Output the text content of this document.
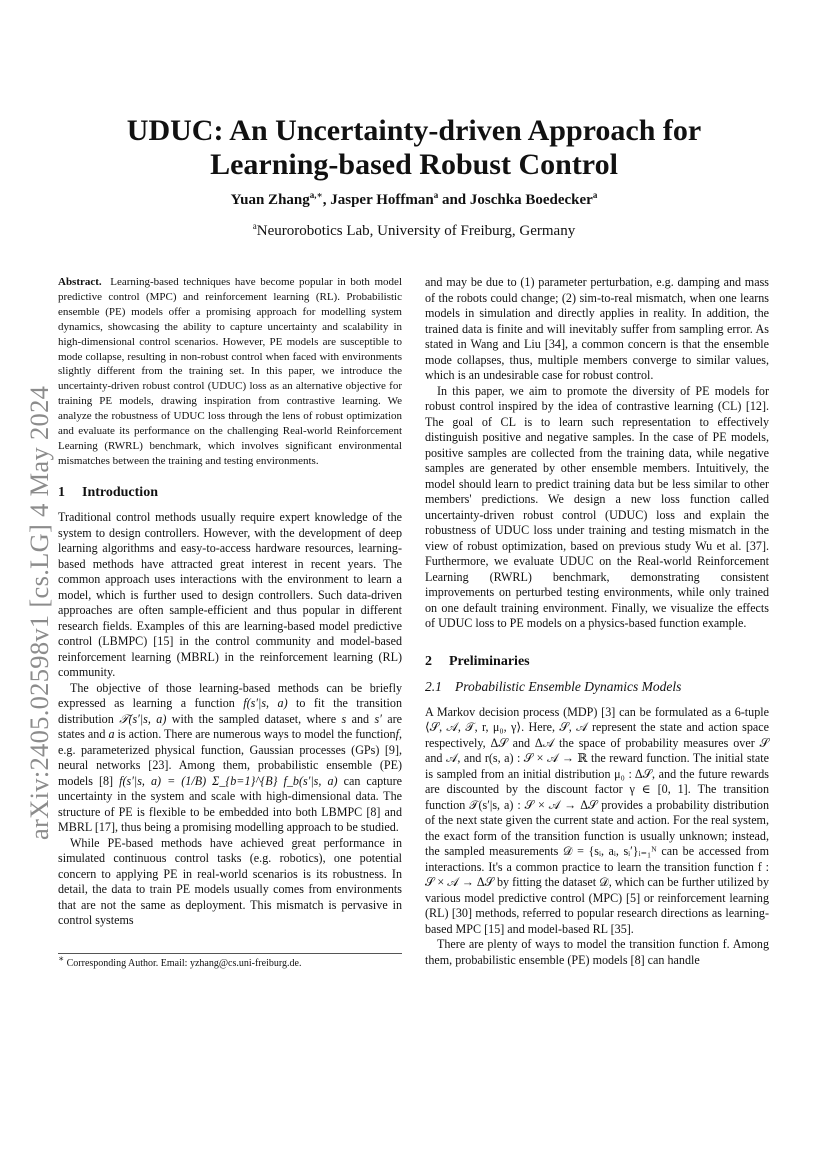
arXiv:2405.02598v1 [cs.LG] 4 May 2024
UDUC: An Uncertainty-driven Approach for
Learning-based Robust Control

Yuan Zhang$^{a,∗}$, Jasper Hoffman$^a$ and Joschka Boedecker$^a$

$^a$Neurorobotics Lab, University of Freiburg, Germany

Abstract. Learning-based techniques have become popular in both model predictive control (MPC) and reinforcement learning (RL). Probabilistic ensemble (PE) models offer a promising approach for modelling system dynamics, showcasing the ability to capture uncertainty and scalability in high-dimensional control scenarios. However, PE models are susceptible to mode collapse, resulting in non-robust control when faced with environments slightly different from the training set. In this paper, we introduce the uncertainty-driven robust control (UDUC) loss as an alternative objective for training PE models, drawing inspiration from contrastive learning. We analyze the robustness of UDUC loss through the lens of robust optimization and evaluate its performance on the challenging Real-world Reinforcement Learning (RWRL) benchmark, which involves significant environmental mismatches between the training and testing environments.

1 Introduction

Traditional control methods usually require expert knowledge of the system to design controllers. However, with the development of deep learning algorithms and easy-to-access hardware resources, learning-based methods have attracted great interest in recent years. The common approach uses interactions with the environment to learn a model, which is further used to design controllers. Such data-driven approaches are often sample-efficient and thus popular in different research fields. Examples of this are learning-based model predictive control (LBMPC) [15] in the control community and model-based reinforcement learning (MBRL) in the reinforcement learning (RL) community.

The objective of those learning-based methods can be briefly expressed as learning a function f(s′|s, a) to fit the transition distribution 𝒯(s′|s, a) with the sampled dataset, where s and s′ are states and a is action. There are numerous ways to model the functionf, e.g. parameterized physical function, Gaussian processes (GPs) [9], neural networks [23]. Among them, probabilistic ensemble (PE) models [8] f(s′|s, a) = (1/B) Σ_{b=1}^{B} f_b(s′|s, a) can capture uncertainty in the system and scale with high-dimensional data. The structure of PE is flexible to be embedded into both LBMPC [8] and MBRL [17], thus being a promising modelling approach to be studied.

While PE-based methods have achieved great performance in simulated continuous control tasks (e.g. robotics), one potential concern to applying PE in real-world scenarios is its robustness. In detail, the data to train PE models usually comes from environments that are not the same as deployment. This mismatch is pervasive in control systems

∗ Corresponding Author. Email: yzhang@cs.uni-freiburg.de.

and may be due to (1) parameter perturbation, e.g. damping and mass of the robots could change; (2) sim-to-real mismatch, when one learns models in simulation and directly applies in reality. In addition, the trained data is finite and will inevitably suffer from sampling error. As stated in Wang and Liu [34], a common concern is that the ensemble mode collapses, thus, multiple members converge to similar values, which is an undesirable case for robust control.

In this paper, we aim to promote the diversity of PE models for robust control inspired by the idea of contrastive learning (CL) [12]. The goal of CL is to learn such representation to effectively distinguish positive and negative samples. In the case of PE models, positive samples are collected from the training data, while negative samples are generated by other ensemble members. Intuitively, the model should learn to predict training data but be less similar to other members' predictions. We design a new loss function called uncertainty-driven robust control (UDUC) loss and explain the robustness of UDUC loss under training and testing mismatch in the view of robust optimization, based on previous study Wu et al. [37]. Furthermore, we evaluate UDUC on the Real-world Reinforcement Learning (RWRL) benchmark, demonstrating consistent improvements on perturbed testing environments, while only trained on one default training environment. Finally, we visualize the effects of UDUC loss to PE models on a physics-based function example.

2 Preliminaries
2.1 Probabilistic Ensemble Dynamics Models

A Markov decision process (MDP) [3] can be formulated as a 6-tuple ⟨𝒮, 𝒜, 𝒯, r, μ₀, γ⟩. Here, 𝒮, 𝒜 represent the state and action space respectively, Δ𝒮 and Δ𝒜 the space of probability measures over 𝒮 and 𝒜, and r(s, a) : 𝒮 × 𝒜 → ℝ the reward function. The initial state is sampled from an initial distribution μ₀ : Δ𝒮, and the future rewards are discounted by the discount factor γ ∈ [0, 1]. The transition function 𝒯(s′|s, a) : 𝒮 × 𝒜 → Δ𝒮 provides a probability distribution of the next state given the current state and action. For the real system, the exact form of the transition function is usually unknown; instead, the sampled measurements 𝒟 = {sᵢ, aᵢ, sᵢ′}ᵢ₌₁ᴺ can be accessed from interactions. It's a common practice to learn the transition function f : 𝒮 × 𝒜 → Δ𝒮 by fitting the dataset 𝒟, which can be further utilized by various model predictive control (MPC) [5] or reinforcement learning (RL) [30] methods, referred to popular research directions as learning-based MPC [15] and model-based RL [35].

There are plenty of ways to model the transition function f. Among them, probabilistic ensemble (PE) models [8] can handle
